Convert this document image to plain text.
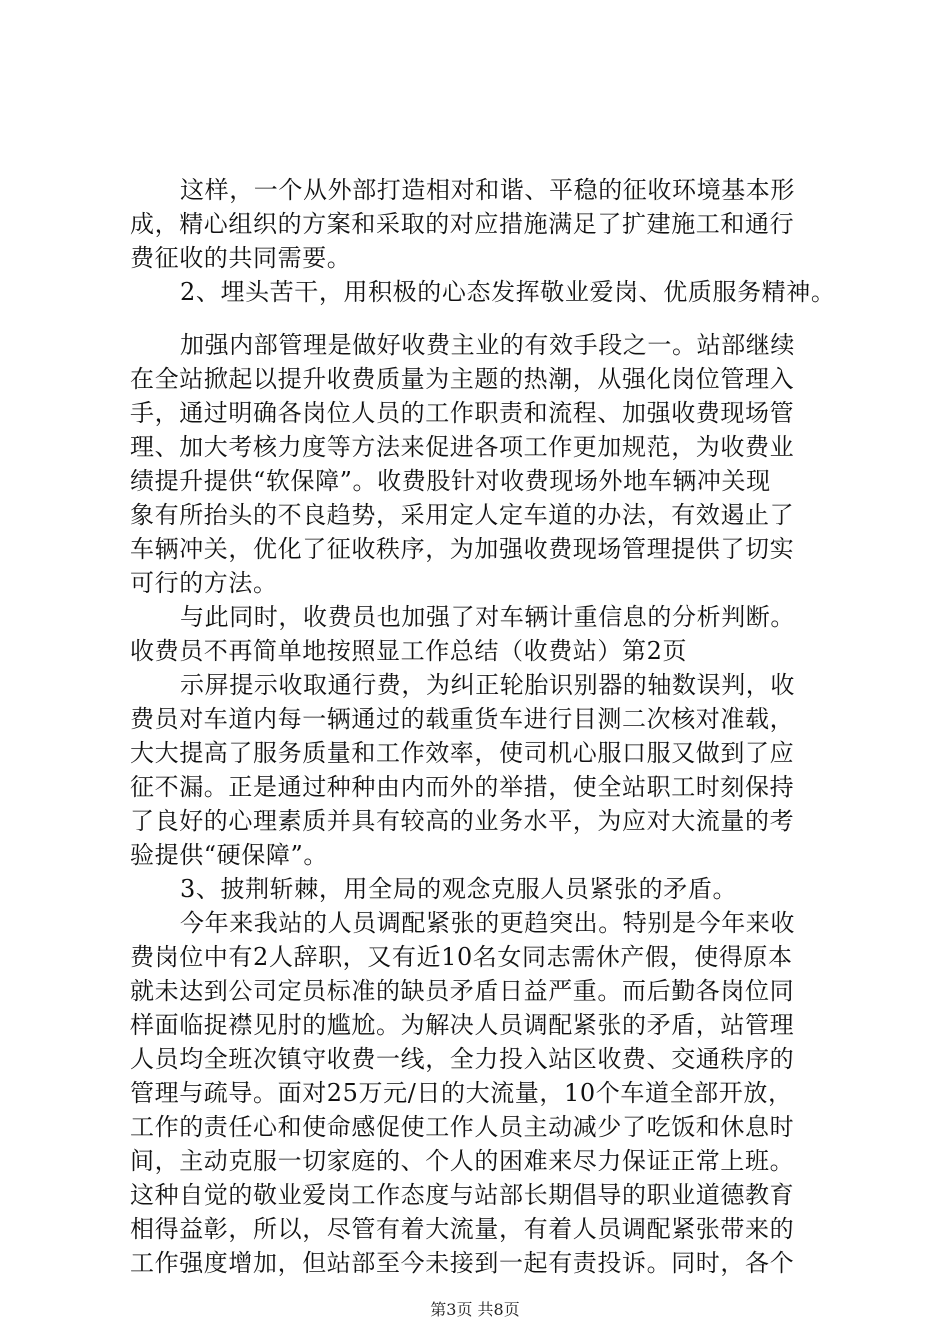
这样，一个从外部打造相对和谐、平稳的征收环境基本形
成，精心组织的方案和采取的对应措施满足了扩建施工和通行
费征收的共同需要。
2、埋头苦干，用积极的心态发挥敬业爱岗、优质服务精神。
加强内部管理是做好收费主业的有效手段之一。站部继续
在全站掀起以提升收费质量为主题的热潮，从强化岗位管理入
手，通过明确各岗位人员的工作职责和流程、加强收费现场管
理、加大考核力度等方法来促进各项工作更加规范，为收费业
绩提升提供“软保障”。收费股针对收费现场外地车辆冲关现
象有所抬头的不良趋势，采用定人定车道的办法，有效遏止了
车辆冲关，优化了征收秩序，为加强收费现场管理提供了切实
可行的方法。
与此同时，收费员也加强了对车辆计重信息的分析判断。
收费员不再简单地按照显工作总结（收费站）第2页
示屏提示收取通行费，为纠正轮胎识别器的轴数误判，收
费员对车道内每一辆通过的载重货车进行目测二次核对准载，
大大提高了服务质量和工作效率，使司机心服口服又做到了应
征不漏。正是通过种种由内而外的举措，使全站职工时刻保持
了良好的心理素质并具有较高的业务水平，为应对大流量的考
验提供“硬保障”。
3、披荆斩棘，用全局的观念克服人员紧张的矛盾。
今年来我站的人员调配紧张的更趋突出。特别是今年来收
费岗位中有2人辞职，又有近10名女同志需休产假，使得原本
就未达到公司定员标准的缺员矛盾日益严重。而后勤各岗位同
样面临捉襟见肘的尴尬。为解决人员调配紧张的矛盾，站管理
人员均全班次镇守收费一线，全力投入站区收费、交通秩序的
管理与疏导。面对25万元/日的大流量，10个车道全部开放，
工作的责任心和使命感促使工作人员主动减少了吃饭和休息时
间，主动克服一切家庭的、个人的困难来尽力保证正常上班。
这种自觉的敬业爱岗工作态度与站部长期倡导的职业道德教育
相得益彰，所以，尽管有着大流量，有着人员调配紧张带来的
工作强度增加，但站部至今未接到一起有责投诉。同时，各个
第3页 共8页
